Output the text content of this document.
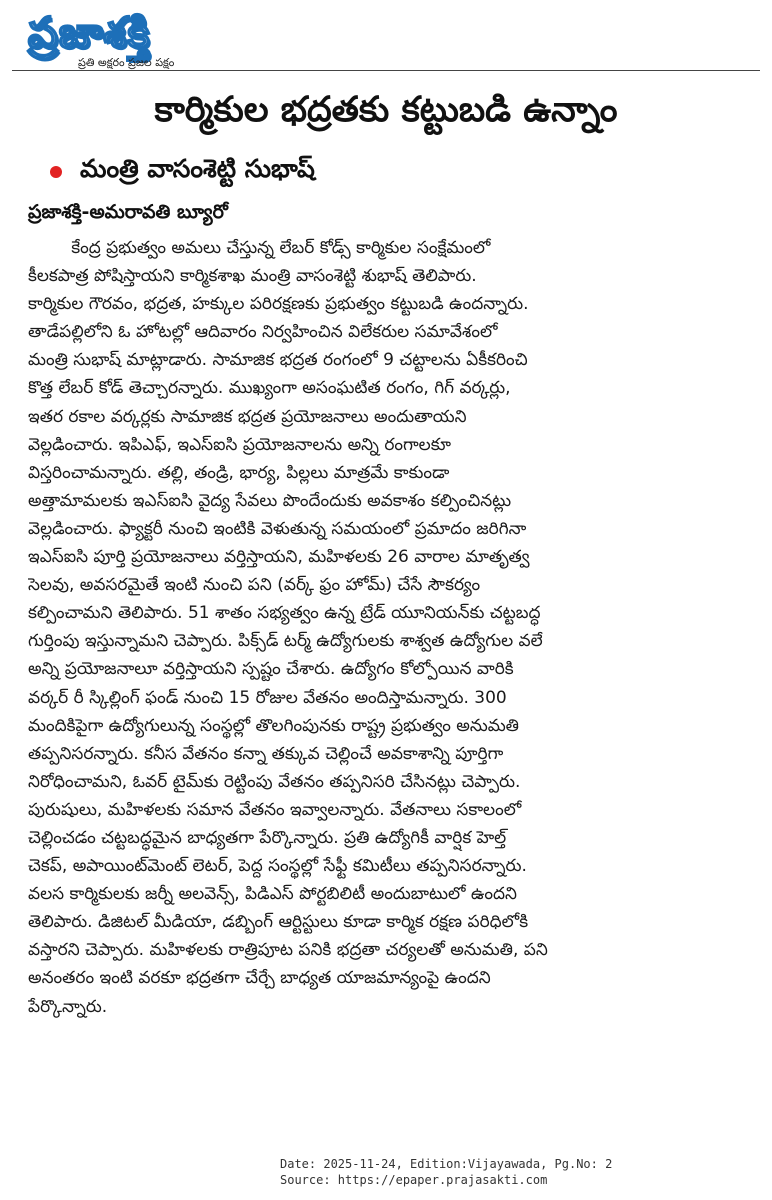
ప్రజాశక్తి
ప్రతి అక్షరం ప్రజల పక్షం
కార్మికుల భద్రతకు కట్టుబడి ఉన్నాం
మంత్రి వాసంశెట్టి సుభాష్
ప్రజాశక్తి-అమరావతి బ్యూరో
కేంద్ర ప్రభుత్వం అమలు చేస్తున్న లేబర్ కోడ్స్ కార్మికుల సంక్షేమంలో
కీలకపాత్ర పోషిస్తాయని కార్మికశాఖ మంత్రి వాసంశెట్టి శుభాష్ తెలిపారు.
కార్మికుల గౌరవం, భద్రత, హక్కుల పరిరక్షణకు ప్రభుత్వం కట్టుబడి ఉందన్నారు.
తాడేపల్లిలోని ఓ హోటల్లో ఆదివారం నిర్వహించిన విలేకరుల సమావేశంలో
మంత్రి సుభాష్ మాట్లాడారు. సామాజిక భద్రత రంగంలో 9 చట్టాలను ఏకీకరించి
కొత్త లేబర్ కోడ్ తెచ్చారన్నారు. ముఖ్యంగా అసంఘటిత రంగం, గిగ్ వర్కర్లు,
ఇతర రకాల వర్కర్లకు సామాజిక భద్రత ప్రయోజనాలు అందుతాయని
వెల్లడించారు. ఇపిఎఫ్, ఇఎస్ఐసి ప్రయోజనాలను అన్ని రంగాలకూ
విస్తరించామన్నారు. తల్లి, తండ్రి, భార్య, పిల్లలు మాత్రమే కాకుండా
అత్తామామలకు ఇఎస్ఐసి వైద్య సేవలు పొందేందుకు అవకాశం కల్పించినట్లు
వెల్లడించారు. ఫ్యాక్టరీ నుంచి ఇంటికి వెళుతున్న సమయంలో ప్రమాదం జరిగినా
ఇఎస్ఐసి పూర్తి ప్రయోజనాలు వర్తిస్తాయని, మహిళలకు 26 వారాల మాతృత్వ
సెలవు, అవసరమైతే ఇంటి నుంచి పని (వర్క్ ఫ్రం హోమ్) చేసే సౌకర్యం
కల్పించామని తెలిపారు. 51 శాతం సభ్యత్వం ఉన్న ట్రేడ్ యూనియన్‌కు చట్టబద్ధ
గుర్తింపు ఇస్తున్నామని చెప్పారు. పిక్స్‌డ్ టర్మ్ ఉద్యోగులకు శాశ్వత ఉద్యోగుల వలే
అన్ని ప్రయోజనాలూ వర్తిస్తాయని స్పష్టం చేశారు. ఉద్యోగం కోల్పోయిన వారికి
వర్కర్ రీ స్కిల్లింగ్ ఫండ్ నుంచి 15 రోజుల వేతనం అందిస్తామన్నారు. 300
మందికిపైగా ఉద్యోగులున్న సంస్థల్లో తొలగింపునకు రాష్ట్ర ప్రభుత్వం అనుమతి
తప్పనిసరన్నారు. కనీస వేతనం కన్నా తక్కువ చెల్లించే అవకాశాన్ని పూర్తిగా
నిరోధించామని, ఓవర్ టైమ్‌కు రెట్టింపు వేతనం తప్పనిసరి చేసినట్లు చెప్పారు.
పురుషులు, మహిళలకు సమాన వేతనం ఇవ్వాలన్నారు. వేతనాలు సకాలంలో
చెల్లించడం చట్టబద్ధమైన బాధ్యతగా పేర్కొన్నారు. ప్రతి ఉద్యోగికీ వార్షిక హెల్త్
చెకప్, అపాయింట్‌మెంట్ లెటర్, పెద్ద సంస్థల్లో సేఫ్టీ కమిటీలు తప్పనిసరన్నారు.
వలస కార్మికులకు జర్నీ అలవెన్స్, పిడిఎస్ పోర్టబిలిటీ అందుబాటులో ఉందని
తెలిపారు. డిజిటల్ మీడియా, డబ్బింగ్ ఆర్టిస్టులు కూడా కార్మిక రక్షణ పరిధిలోకి
వస్తారని చెప్పారు. మహిళలకు రాత్రిపూట పనికి భద్రతా చర్యలతో అనుమతి, పని
అనంతరం ఇంటి వరకూ భద్రతగా చేర్చే బాధ్యత యాజమాన్యంపై ఉందని
పేర్కొన్నారు.
Date: 2025-11-24, Edition:Vijayawada, Pg.No: 2
Source: https://epaper.prajasakti.com
